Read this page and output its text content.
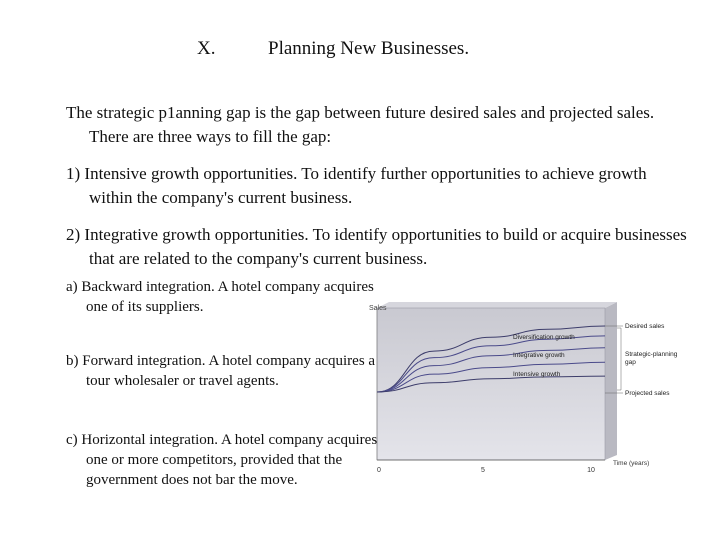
X.	Planning New Businesses.
The strategic p1anning gap is the gap between future desired sales and projected sales. There are three ways to fill the gap:
1) Intensive growth opportunities. To identify further opportunities to achieve growth within the company's current business.
2) Integrative growth opportunities. To identify opportunities to build or acquire businesses that are related to the company's current business.
a) Backward integration. A hotel company acquires one of its suppliers.
b) Forward integration. A hotel company acquires a tour wholesaler or travel agents.
c) Horizontal integration. A hotel company acquires one or more competitors, provided that the government does not bar the move.
Sales
Diversification growth
Integrative growth
Intensive growth
Desired sales
Strategic-planning gap
Projected sales
0	5	10
Time (years)
